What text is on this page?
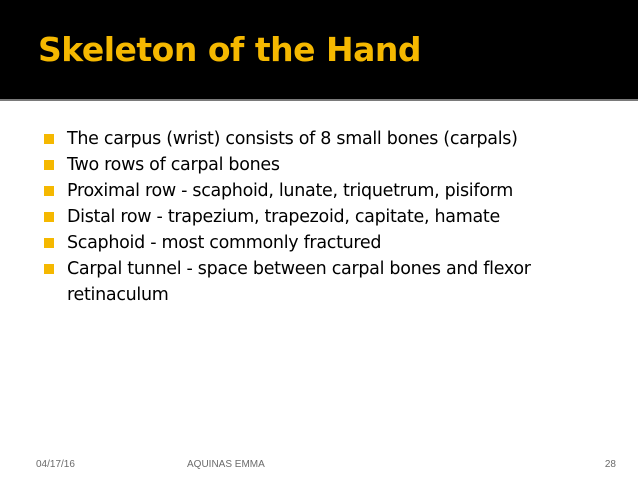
Skeleton of the Hand
The carpus (wrist) consists of 8 small bones (carpals)
Two rows of carpal bones
Proximal row - scaphoid, lunate, triquetrum, pisiform
Distal row - trapezium, trapezoid, capitate, hamate
Scaphoid - most commonly fractured
Carpal tunnel - space between carpal bones and flexor retinaculum
04/17/16	AQUINAS EMMA	28
